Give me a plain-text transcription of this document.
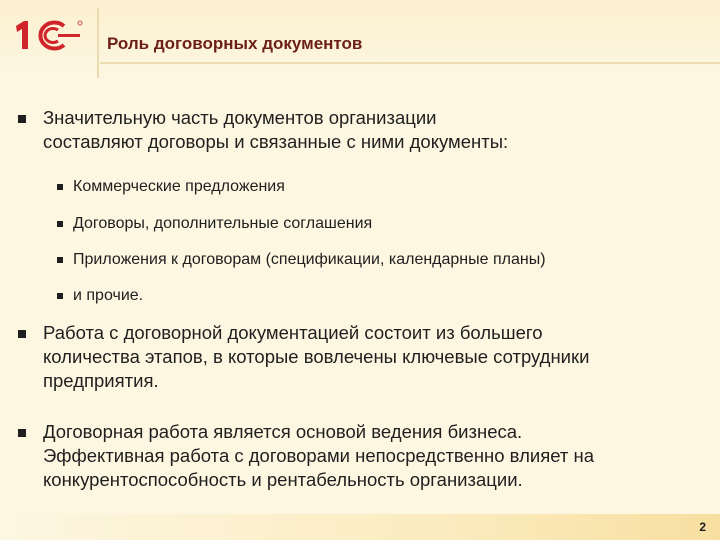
Роль договорных документов
Значительную часть документов организации
составляют договоры и связанные с ними документы:
Коммерческие предложения
Договоры, дополнительные соглашения
Приложения к договорам (спецификации, календарные планы)
и прочие.
Работа с договорной документацией состоит из большего
количества этапов, в которые вовлечены ключевые сотрудники
предприятия.
Договорная работа является основой ведения бизнеса.
Эффективная работа с договорами непосредственно влияет на
конкурентоспособность и рентабельность организации.
2
